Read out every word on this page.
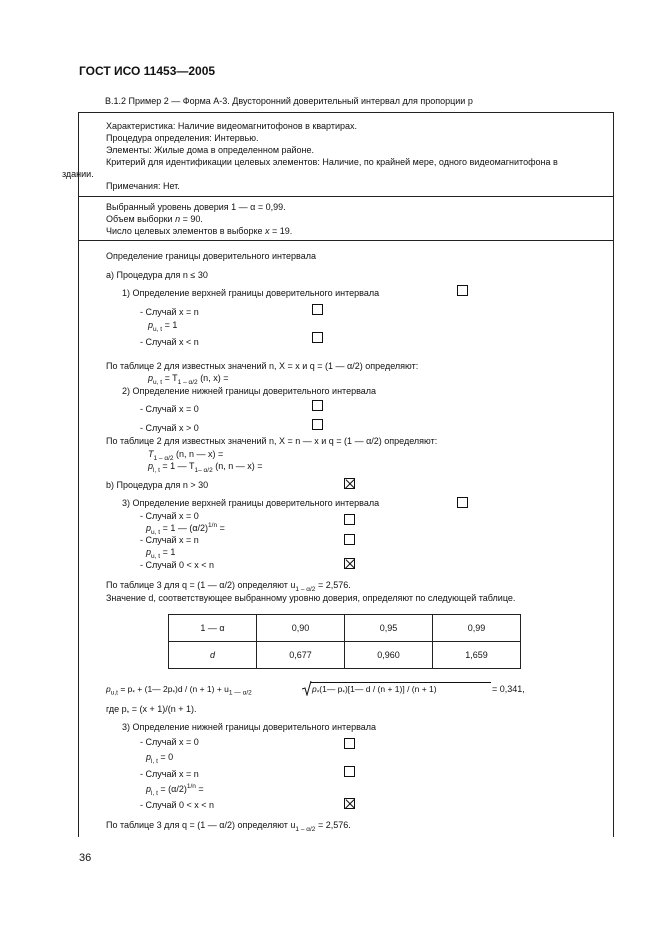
ГОСТ ИСО 11453—2005
В.1.2 Пример 2 — Форма А-3. Двусторонний доверительный интервал для пропорции p
Характеристика: Наличие видеомагнитофонов в квартирах.
Процедура определения: Интервью.
Элементы: Жилые дома в определенном районе.
Критерий для идентификации целевых элементов: Наличие, по крайней мере, одного видеомагнитофона в
здании.
Примечания: Нет.
Выбранный уровень доверия 1 — α = 0,99.
Объем выборки n = 90.
Число целевых элементов в выборке x = 19.
Определение границы доверительного интервала
а) Процедура для n ≤ 30
1) Определение верхней границы доверительного интервала
- Случай x = n
$p_{u, t} = 1$
- Случай x < n
По таблице 2 для известных значений n, X = x и q = (1 — α/2) определяют:
$p_{u, t} = T_{1 - \alpha/2}$ (n, x) =
2) Определение нижней границы доверительного интервала
- Случай x = 0
- Случай x > 0
По таблице 2 для известных значений n, X = n — x и q = (1 — α/2) определяют:
$T_{1 - \alpha/2}$ (n, n — x) =
$p_{l, t} = 1$ — $T_{1- \alpha/2}$ (n, n — x) =
b) Процедура для n > 30
3) Определение верхней границы доверительного интервала
- Случай x = 0
$p_{u, t} = 1$ — $(\alpha/2)^{1/n}$ =
- Случай x = n
$p_{u, t} = 1$
- Случай 0 < x < n
По таблице 3 для q = (1 — α/2) определяют $u_{1 - \alpha/2} = 2,576$.
Значение d, соответствующее выбранному уровню доверия, определяют по следующей таблице.
1 — α	0,90	0,95	0,99
d	0,677	0,960	1,659
$p_{u,t} = p_*$ + (1— $2p_*)d / (n + 1) + u_{1 — \alpha/2}$	$p_*(1—$ $p_*)[1—$ d / (n + 1)] / (n + 1)	= 0,341,
где $p_* = (x + 1)/(n + 1)$.
3) Определение нижней границы доверительного интервала
- Случай x = 0
$p_{l, t} = 0$
- Случай x = n
$p_{l, t} = (\alpha/2)^{1/n}$ =
- Случай 0 < x < n
По таблице 3 для q = (1 — α/2) определяют $u_{1 - \alpha/2} = 2,576$.
36
